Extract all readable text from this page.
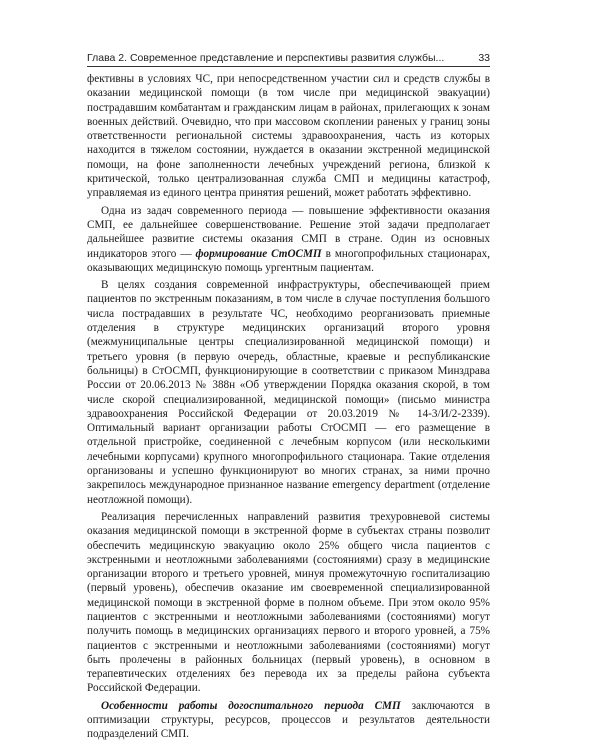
Глава 2. Современное представление и перспективы развития службы...	33

фективны в условиях ЧС, при непосредственном участии сил и средств службы в оказании медицинской помощи (в том числе при медицинской эвакуации) пострадавшим комбатантам и гражданским лицам в районах, прилегающих к зонам военных действий. Очевидно, что при массовом скоплении раненых у границ зоны ответственности региональной системы здравоохранения, часть из которых находится в тяжелом состоянии, нуждается в оказании экстренной медицинской помощи, на фоне заполненности лечебных учреждений региона, близкой к критической, только централизованная служба СМП и медицины катастроф, управляемая из единого центра принятия решений, может работать эффективно.

Одна из задач современного периода — повышение эффективности оказания СМП, ее дальнейшее совершенствование. Решение этой задачи предполагает дальнейшее развитие системы оказания СМП в стране. Один из основных индикаторов этого — формирование СтОСМП в многопрофильных стационарах, оказывающих медицинскую помощь ургентным пациентам.

В целях создания современной инфраструктуры, обеспечивающей прием пациентов по экстренным показаниям, в том числе в случае поступления большого числа пострадавших в результате ЧС, необходимо реорганизовать приемные отделения в структуре медицинских организаций второго уровня (межмуниципальные центры специализированной медицинской помощи) и третьего уровня (в первую очередь, областные, краевые и республиканские больницы) в СтОСМП, функционирующие в соответствии с приказом Минздрава России от 20.06.2013 № 388н «Об утверждении Порядка оказания скорой, в том числе скорой специализированной, медицинской помощи» (письмо министра здравоохранения Российской Федерации от 20.03.2019 № 14-3/И/2-2339). Оптимальный вариант организации работы СтОСМП — его размещение в отдельной пристройке, соединенной с лечебным корпусом (или несколькими лечебными корпусами) крупного многопрофильного стационара. Такие отделения организованы и успешно функционируют во многих странах, за ними прочно закрепилось международное признанное название emergency department (отделение неотложной помощи).

Реализация перечисленных направлений развития трехуровневой системы оказания медицинской помощи в экстренной форме в субъектах страны позволит обеспечить медицинскую эвакуацию около 25% общего числа пациентов с экстренными и неотложными заболеваниями (состояниями) сразу в медицинские организации второго и третьего уровней, минуя промежуточную госпитализацию (первый уровень), обеспечив оказание им своевременной специализированной медицинской помощи в экстренной форме в полном объеме. При этом около 95% пациентов с экстренными и неотложными заболеваниями (состояниями) могут получить помощь в медицинских организациях первого и второго уровней, а 75% пациентов с экстренными и неотложными заболеваниями (состояниями) могут быть пролечены в районных больницах (первый уровень), в основном в терапевтических отделениях без перевода их за пределы района субъекта Российской Федерации.

Особенности работы догоспитального периода СМП заключаются в оптимизации структуры, ресурсов, процессов и результатов деятельности подразделений СМП.
